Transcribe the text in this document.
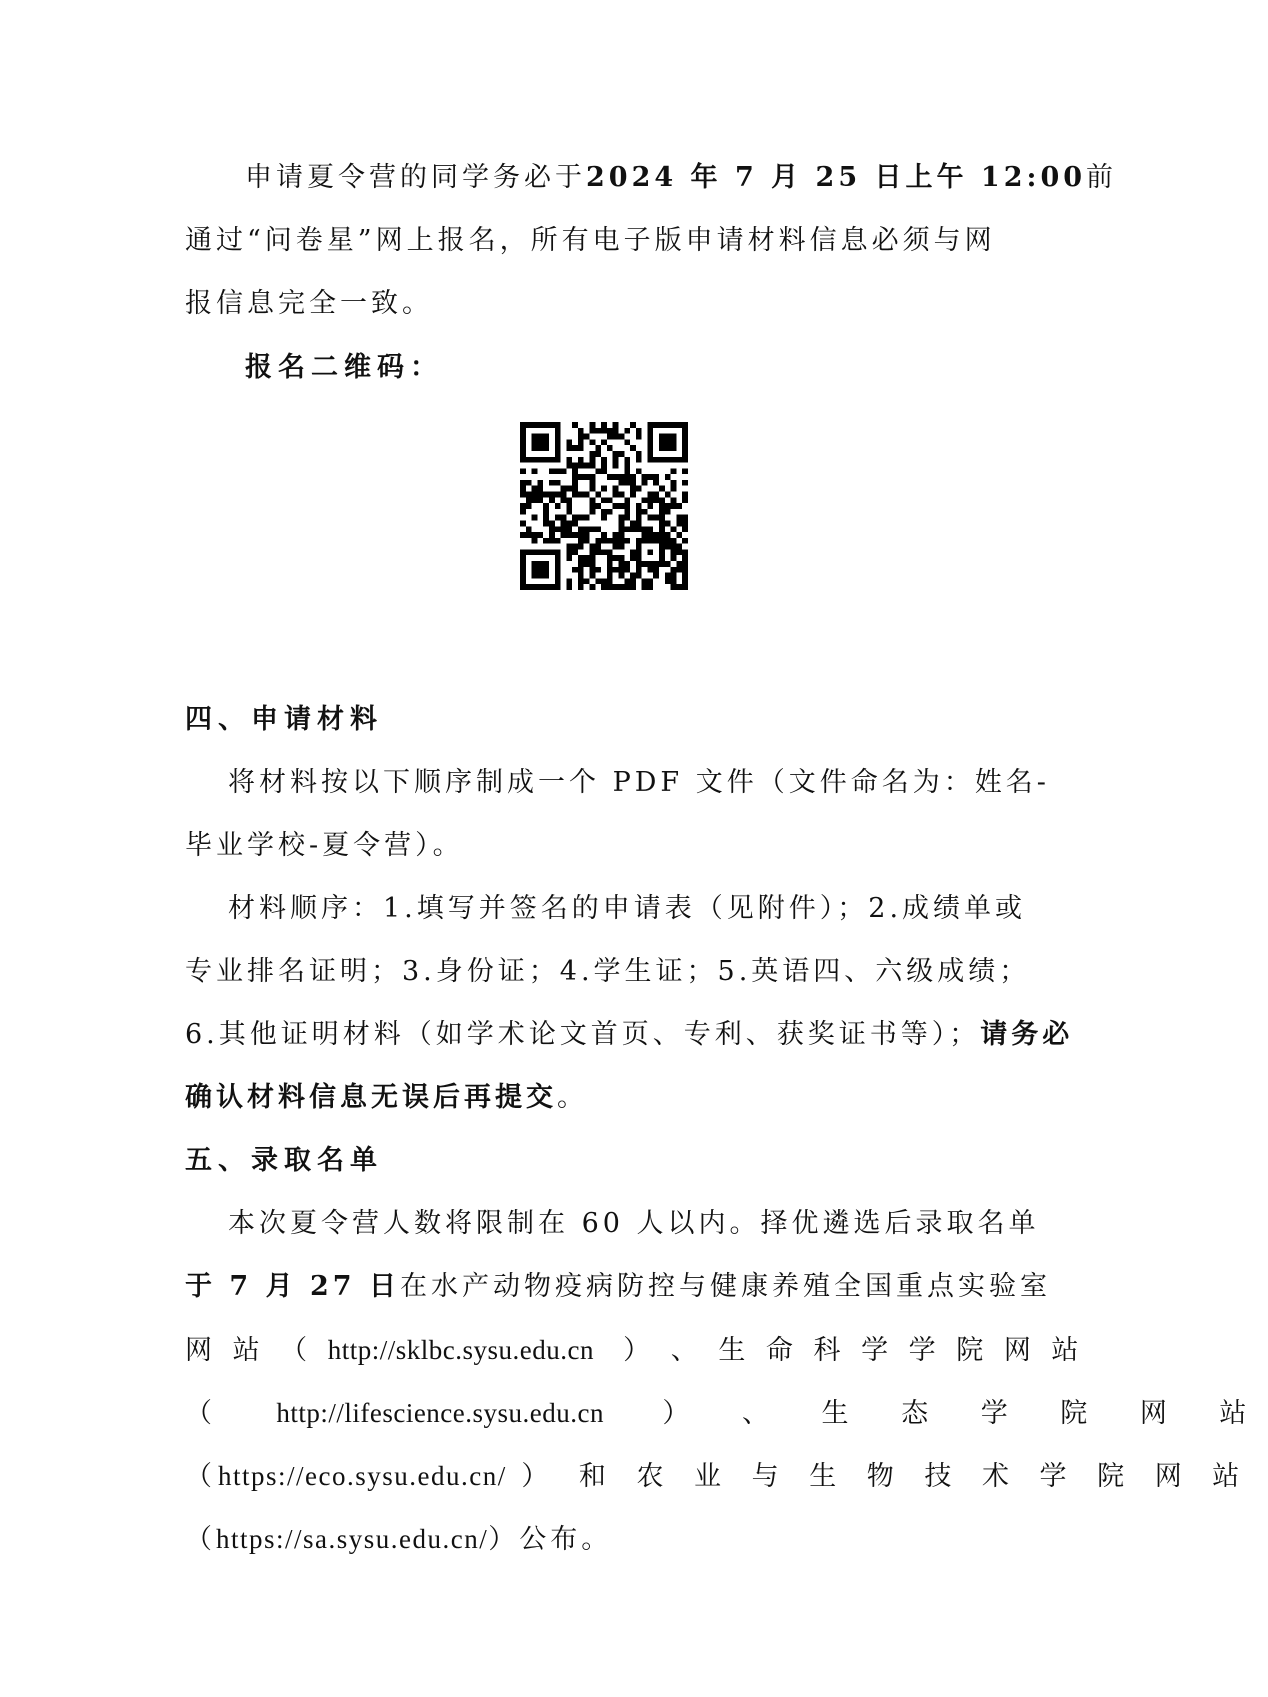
申请夏令营的同学务必于2024 年 7 月 25 日上午 12:00前
通过“问卷星”网上报名，所有电子版申请材料信息必须与网
报信息完全一致。
报名二维码：
四、申请材料
将材料按以下顺序制成一个 PDF 文件（文件命名为：姓名-
毕业学校-夏令营）。
材料顺序：1.填写并签名的申请表（见附件）；2.成绩单或
专业排名证明；3.身份证；4.学生证；5.英语四、六级成绩；
6.其他证明材料（如学术论文首页、专利、获奖证书等）；请务必
确认材料信息无误后再提交。
五、录取名单
本次夏令营人数将限制在 60 人以内。择优遴选后录取名单
于 7 月 27 日在水产动物疫病防控与健康养殖全国重点实验室
网 站 （ http://sklbc.sysu.edu.cn ） 、 生 命 科 学 学 院 网 站
（ http://lifescience.sysu.edu.cn ） 、 生 态 学 院 网 站
（https://eco.sysu.edu.cn/ ） 和 农 业 与 生 物 技 术 学 院 网 站
（https://sa.sysu.edu.cn/）公布。
